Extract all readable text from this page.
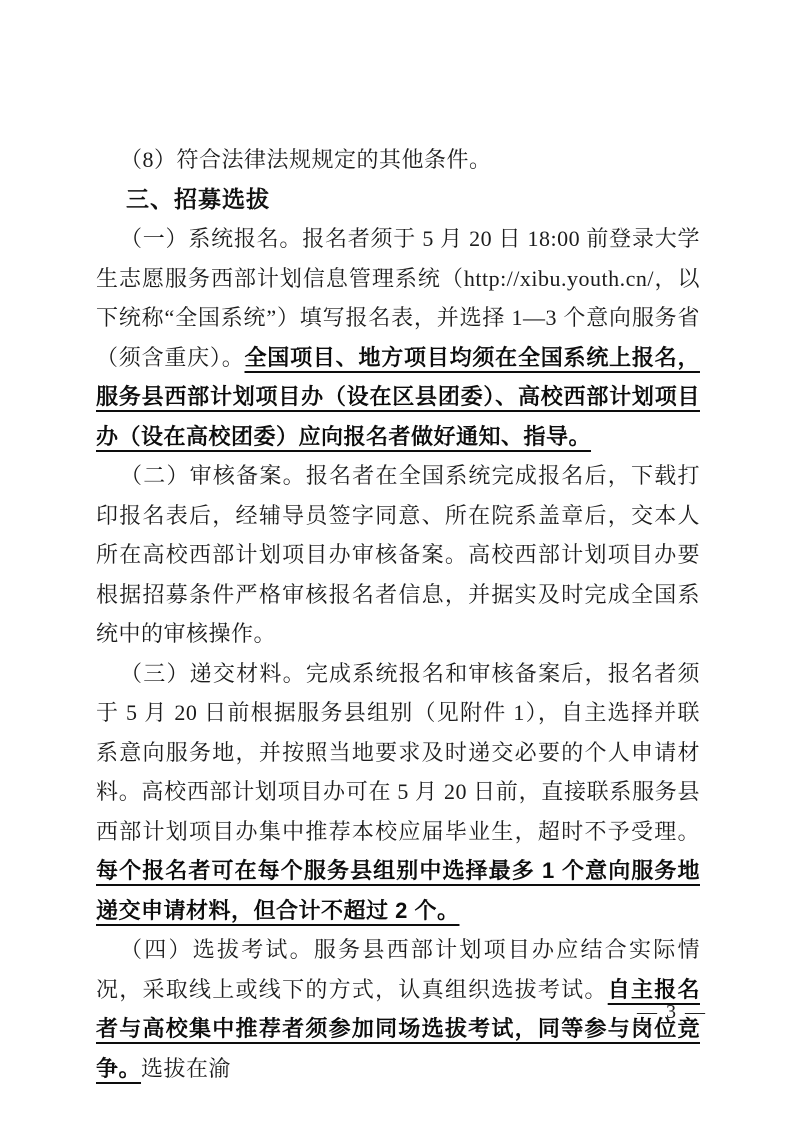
（8）符合法律法规规定的其他条件。

三、招募选拔

（一）系统报名。报名者须于 5 月 20 日 18:00 前登录大学生志愿服务西部计划信息管理系统（http://xibu.youth.cn/，以下统称“全国系统”）填写报名表，并选择 1—3 个意向服务省（须含重庆）。全国项目、地方项目均须在全国系统上报名，服务县西部计划项目办（设在区县团委）、高校西部计划项目办（设在高校团委）应向报名者做好通知、指导。

（二）审核备案。报名者在全国系统完成报名后，下载打印报名表后，经辅导员签字同意、所在院系盖章后，交本人所在高校西部计划项目办审核备案。高校西部计划项目办要根据招募条件严格审核报名者信息，并据实及时完成全国系统中的审核操作。

（三）递交材料。完成系统报名和审核备案后，报名者须于 5 月 20 日前根据服务县组别（见附件 1），自主选择并联系意向服务地，并按照当地要求及时递交必要的个人申请材料。高校西部计划项目办可在 5 月 20 日前，直接联系服务县西部计划项目办集中推荐本校应届毕业生，超时不予受理。每个报名者可在每个服务县组别中选择最多 1 个意向服务地递交申请材料，但合计不超过 2 个。

（四）选拔考试。服务县西部计划项目办应结合实际情况，采取线上或线下的方式，认真组织选拔考试。自主报名者与高校集中推荐者须参加同场选拔考试，同等参与岗位竞争。选拔在渝

— 3 —
